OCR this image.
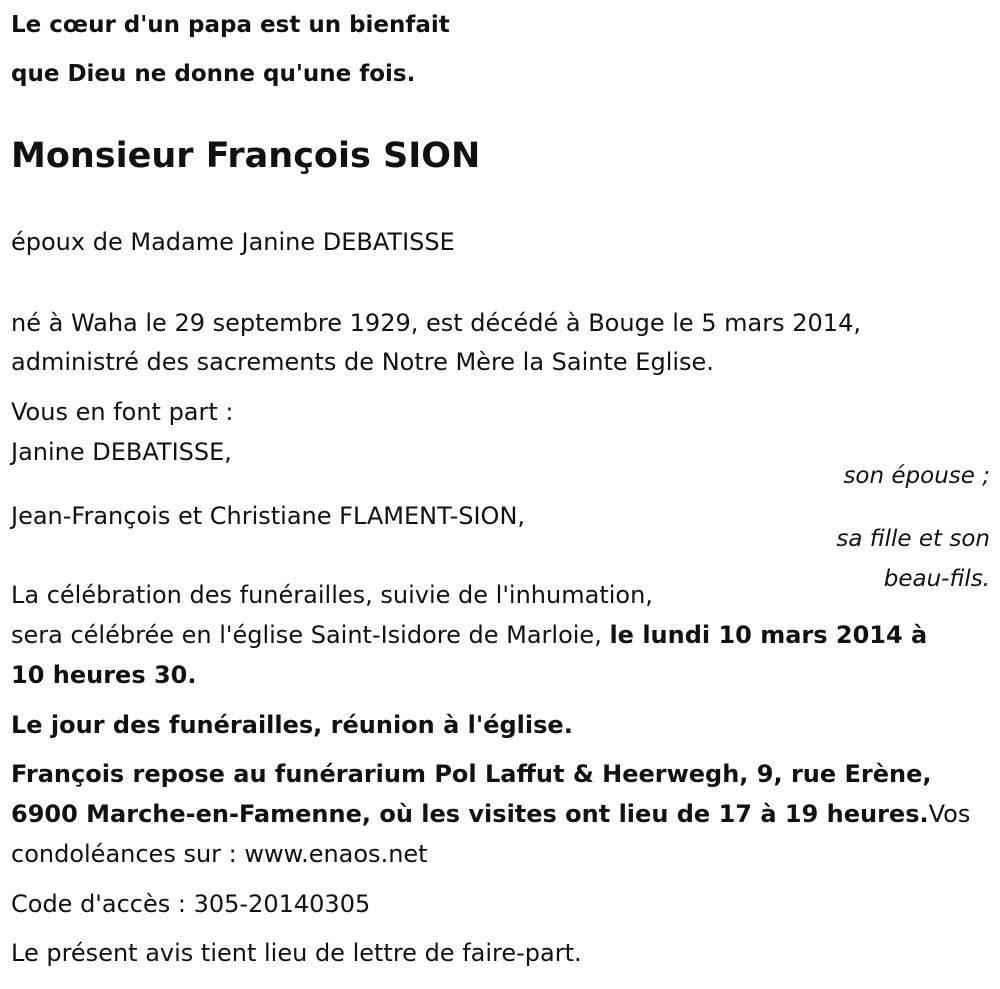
Le cœur d'un papa est un bienfait
que Dieu ne donne qu'une fois.
Monsieur François SION
époux de Madame Janine DEBATISSE
né à Waha le 29 septembre 1929, est décédé à Bouge le 5 mars 2014,
administré des sacrements de Notre Mère la Sainte Eglise.
Vous en font part :
Janine DEBATISSE,
son épouse ;
Jean-François et Christiane FLAMENT-SION,
sa fille et son
beau-fils.
La célébration des funérailles, suivie de l'inhumation,
sera célébrée en l'église Saint-Isidore de Marloie, le lundi 10 mars 2014 à
10 heures 30.
Le jour des funérailles, réunion à l'église.
François repose au funérarium Pol Laffut & Heerwegh, 9, rue Erène,
6900 Marche-en-Famenne, où les visites ont lieu de 17 à 19 heures.Vos
condoléances sur : www.enaos.net
Code d'accès : 305-20140305
Le présent avis tient lieu de lettre de faire-part.
